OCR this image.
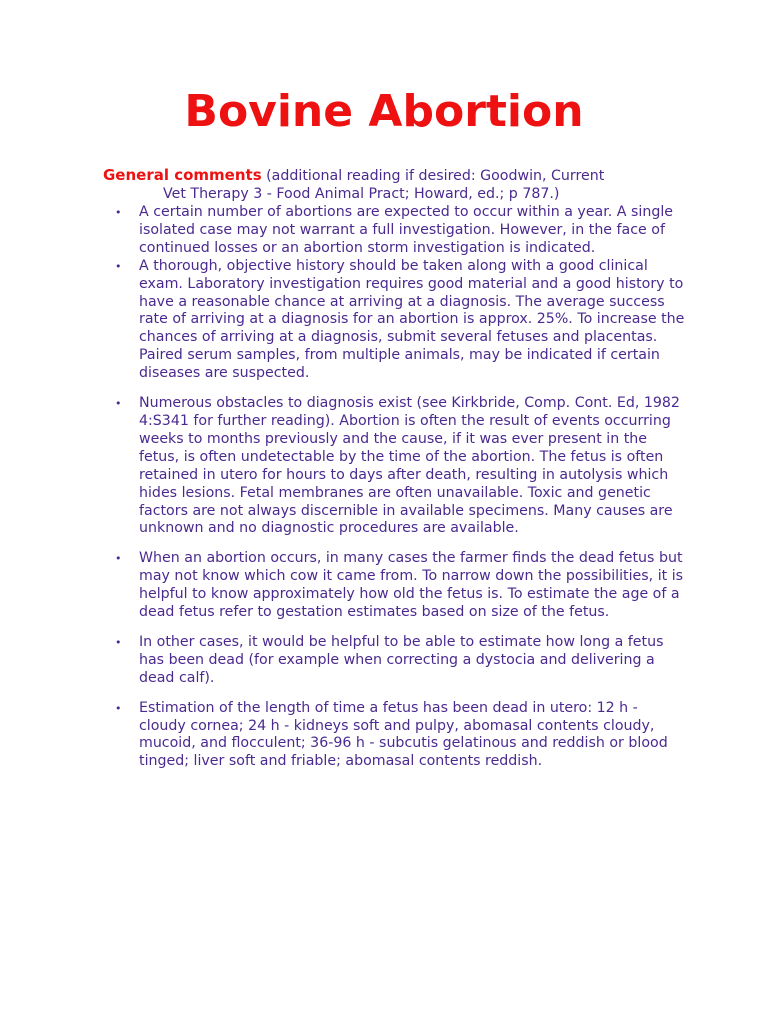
Bovine Abortion

General comments (additional reading if desired: Goodwin, Current
Vet Therapy 3 - Food Animal Pract; Howard, ed.; p 787.)

• A certain number of abortions are expected to occur within a year. A single isolated case may not warrant a full investigation. However, in the face of continued losses or an abortion storm investigation is indicated.
• A thorough, objective history should be taken along with a good clinical exam. Laboratory investigation requires good material and a good history to have a reasonable chance at arriving at a diagnosis. The average success rate of arriving at a diagnosis for an abortion is approx. 25%. To increase the chances of arriving at a diagnosis, submit several fetuses and placentas. Paired serum samples, from multiple animals, may be indicated if certain diseases are suspected.
• Numerous obstacles to diagnosis exist (see Kirkbride, Comp. Cont. Ed, 1982 4:S341 for further reading). Abortion is often the result of events occurring weeks to months previously and the cause, if it was ever present in the fetus, is often undetectable by the time of the abortion. The fetus is often retained in utero for hours to days after death, resulting in autolysis which hides lesions. Fetal membranes are often unavailable. Toxic and genetic factors are not always discernible in available specimens. Many causes are unknown and no diagnostic procedures are available.
• When an abortion occurs, in many cases the farmer finds the dead fetus but may not know which cow it came from. To narrow down the possibilities, it is helpful to know approximately how old the fetus is. To estimate the age of a dead fetus refer to gestation estimates based on size of the fetus.
• In other cases, it would be helpful to be able to estimate how long a fetus has been dead (for example when correcting a dystocia and delivering a dead calf).
• Estimation of the length of time a fetus has been dead in utero: 12 h - cloudy cornea; 24 h - kidneys soft and pulpy, abomasal contents cloudy, mucoid, and flocculent; 36-96 h - subcutis gelatinous and reddish or blood tinged; liver soft and friable; abomasal contents reddish.
